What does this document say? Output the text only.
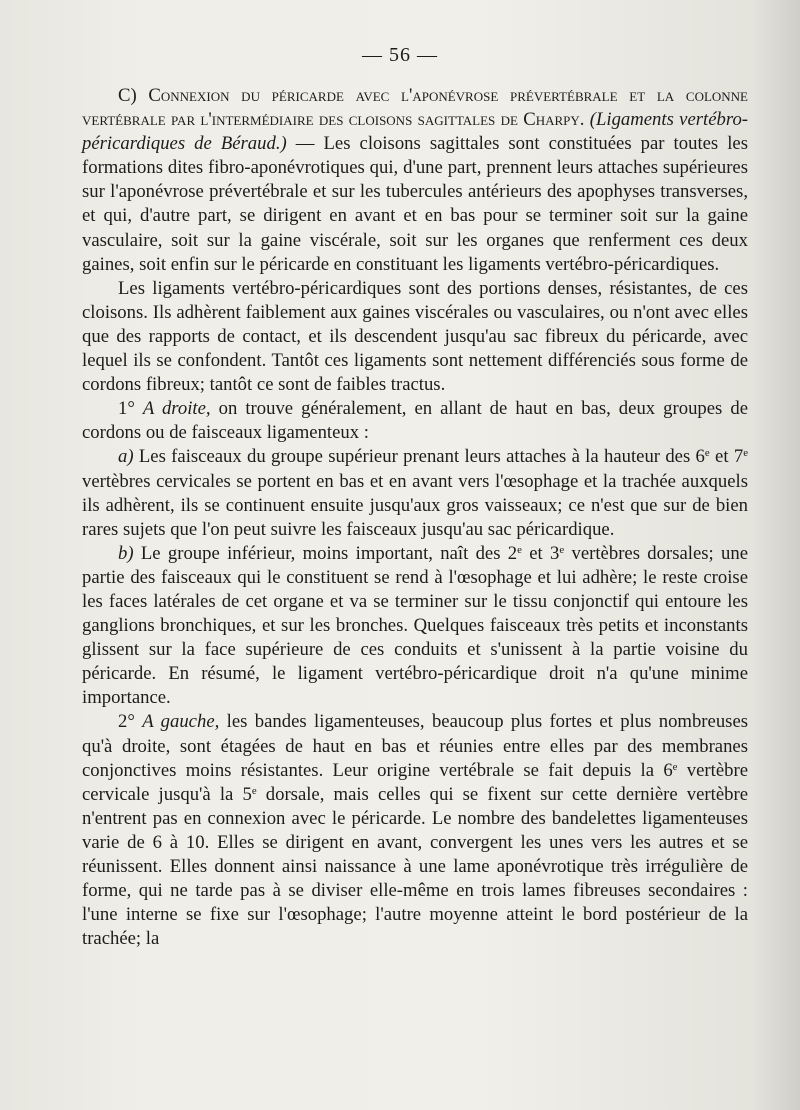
— 56 —

C) Connexion du péricarde avec l'aponévrose prévertébrale et la colonne vertébrale par l'intermédiaire des cloisons sagittales de Charpy. (Ligaments vertébro-péricardiques de Béraud.) — Les cloisons sagittales sont constituées par toutes les formations dites fibro-aponévrotiques qui, d'une part, prennent leurs attaches supérieures sur l'aponévrose prévertébrale et sur les tubercules antérieurs des apophyses transverses, et qui, d'autre part, se dirigent en avant et en bas pour se terminer soit sur la gaine vasculaire, soit sur la gaine viscérale, soit sur les organes que renferment ces deux gaines, soit enfin sur le péricarde en constituant les ligaments vertébro-péricardiques.

Les ligaments vertébro-péricardiques sont des portions denses, résistantes, de ces cloisons. Ils adhèrent faiblement aux gaines viscérales ou vasculaires, ou n'ont avec elles que des rapports de contact, et ils descendent jusqu'au sac fibreux du péricarde, avec lequel ils se confondent. Tantôt ces ligaments sont nettement différenciés sous forme de cordons fibreux; tantôt ce sont de faibles tractus.

1° A droite, on trouve généralement, en allant de haut en bas, deux groupes de cordons ou de faisceaux ligamenteux :

a) Les faisceaux du groupe supérieur prenant leurs attaches à la hauteur des 6e et 7e vertèbres cervicales se portent en bas et en avant vers l'œsophage et la trachée auxquels ils adhèrent, ils se continuent ensuite jusqu'aux gros vaisseaux; ce n'est que sur de bien rares sujets que l'on peut suivre les faisceaux jusqu'au sac péricardique.

b) Le groupe inférieur, moins important, naît des 2e et 3e vertèbres dorsales; une partie des faisceaux qui le constituent se rend à l'œsophage et lui adhère; le reste croise les faces latérales de cet organe et va se terminer sur le tissu conjonctif qui entoure les ganglions bronchiques, et sur les bronches. Quelques faisceaux très petits et inconstants glissent sur la face supérieure de ces conduits et s'unissent à la partie voisine du péricarde. En résumé, le ligament vertébro-péricardique droit n'a qu'une minime importance.

2° A gauche, les bandes ligamenteuses, beaucoup plus fortes et plus nombreuses qu'à droite, sont étagées de haut en bas et réunies entre elles par des membranes conjonctives moins résistantes. Leur origine vertébrale se fait depuis la 6e vertèbre cervicale jusqu'à la 5e dorsale, mais celles qui se fixent sur cette dernière vertèbre n'entrent pas en connexion avec le péricarde. Le nombre des bandelettes ligamenteuses varie de 6 à 10. Elles se dirigent en avant, convergent les unes vers les autres et se réunissent. Elles donnent ainsi naissance à une lame aponévrotique très irrégulière de forme, qui ne tarde pas à se diviser elle-même en trois lames fibreuses secondaires : l'une interne se fixe sur l'œsophage; l'autre moyenne atteint le bord postérieur de la trachée; la
